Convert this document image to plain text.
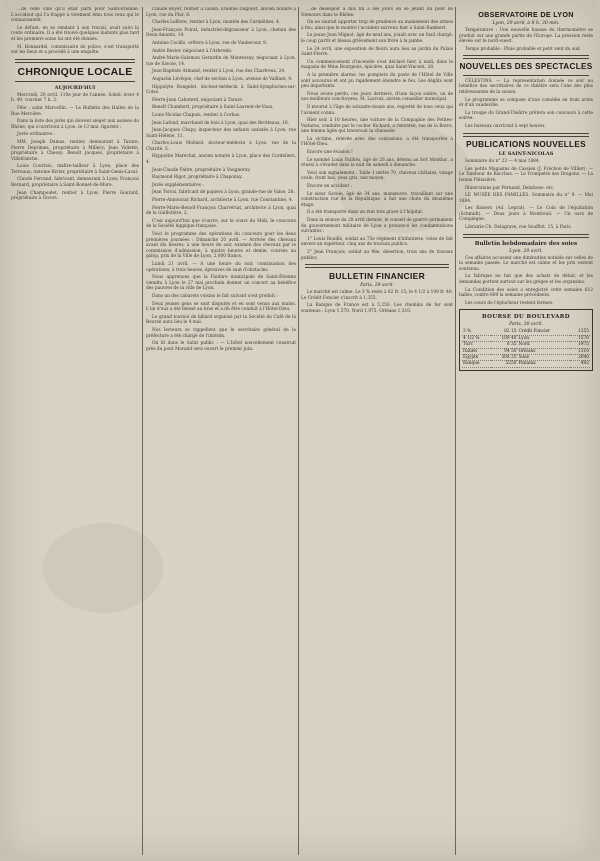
...de celle ville qu'il était parti pour Saint-Étienne. L'accident qui l'a frappé a vivement ému tous ceux qui le connaissaient.

Le défunt, en se rendant à son travail, avait suivi la route ordinaire. Il a été trouvé quelques instants plus tard et les premiers soins lui ont été donnés.

M. Bonnardel, commissaire de police, s'est transporté sur les lieux et a procédé à une enquête.

CHRONIQUE LOCALE
AUJOURD'HUI

Mercredi, 20 avril. 110e jour de l'année. Soleil: lever 4 h. 49, coucher 7 h. 2.

Fête : saint Marcellin. — Le Bulletin des Halles de la Rue Mercière.

Dans la liste des jurés qui doivent siéger aux assises du Rhône, qui s'ouvriront à Lyon, le 13 mai, figurent :

Jurés ordinaires :

MM. Joseph Dumas, rentier, demeurant à Tarare; Pierre Deprimes, propriétaire à Millery; Jean Vallette, propriétaire à Chessy; Benoît Jacques, propriétaire à Villefranche.

Louis Courtois, maître-tailleur à Lyon, place des Terreaux; Antoine Rivier, propriétaire à Saint-Genis-Laval.

Claude Ferrand, fabricant, demeurant à Lyon; François Bernard, propriétaire à Saint-Bonnet-de-Mure.

Jean Champoulet, rentier à Lyon; Pierre Goutard, propriétaire à Givors.

Claude Boyer, rentier à Tassin. Étienne Dugueyt, ancien notaire à Lyon, rue du Plat, 8.

Charles Lefèvre, rentier à Lyon, montée des Carmélites, 4.

Jean-François Poirat, industriel-dégraisseur à Lyon, chemin des Deux-Amants, 14.

Antoine Cocillo, orfèvre à Lyon, rue de Vaubecour, 9.

André Revier, négociant à l'Arbresle.

André-Marie-Salomon Gerardin de Montessuy, négociant à Lyon, rue de Savoie, 14.

Jean-Baptiste Armand, rentier à Lyon, rue des Chartreux, 24.

Augustin Lévêque, chef de section à Lyon, avenue de Vaillant, 9.

Hippolyte Rongelot, docteur-médecin à Saint-Symphorien-sur-Coise.

Pierre-Jean Cahoterd, négociant à Tarare.

Benoît Chambert, propriétaire à Saint-Laurent-de-Vaux.

Louis-Nicolas Chapuis, rentier à Corbas.

Jean Lafond, marchand de bois à Lyon, quai des Brotteaux, 16.

Jean-Jacques Chapy, inspecteur des enfants assistés à Lyon, rue Saint-Hélène, 11.

Charles-Louis Mollard, docteur-médecin à Lyon, rue de la Charité, 5.

Hyppolite Maréchal, ancien notaire à Lyon, place des Cordeliers, 4.

Jean-Claude Fabre, propriétaire à Vaugneray.

Raymond Rigot, propriétaire à Chaponay.

Jurés supplémentaires :

Jean Torrai, fabricant de papiers à Lyon, grande-rue de Vaise, 26.

Pierre-Annonciat Richard, architecte à Lyon, rue Constantine, 4.

Pierre-Marie-Benoît-François Charvériat, architecte à Lyon, quai de la Guillotière, 2.

C'est aujourd'hui que s'ouvre, sur le cours du Midi, le concours de la Société hippique française.

Voici le programme des opérations du concours pour les deux premières journées : Dimanche 20 avril. — Arrivée des chevaux avant dix heures; à une heure du soir, examen des chevaux par le commission d'admission; à quatre heures et demie, courses au galop, prix de la Ville de Lyon, 2,000 francs.

Lundi 21 avril. — A une heure du soir, continuation des opérations; à trois heures, épreuves de saut d'obstacles.

Nous apprenons que la Fanfare municipale de Saint-Étienne viendra à Lyon le 27 mai prochain donner un concert au bénéfice des pauvres de la ville de Lyon.

Dans un des cabarets voisins le fait suivant s'est produit :

Deux jeunes gens se sont disputés et en sont venus aux mains. L'un d'eux a été blessé au bras et a dû être conduit à l'Hôtel-Dieu.

Le grand tournoi de billard organisé par la Société du Café de la Bourse aura lieu le 4 mai.

Nos lecteurs se rappellent que le secrétaire général de la préfecture a été chargé de l'intérim.

On lit dans le Salut public : — L'hôtel nouvellement construit près du pont Morand sera ouvert le premier juin.

...de désespoir a mis fin à ses jours en se jetant du pont de Nemours dans le Rhône.

On ne saurait apporter trop de prudence au maniement des armes à feu; ainsi que le montre l'accident survenu hier à Saint-Rambert.

Le jeune Jean Mignot, âgé de neuf ans, jouait avec un fusil chargé; le coup partit et blessa grièvement son frère à la jambe.

Le 24 avril, une exposition de fleurs aura lieu au jardin du Palais Saint-Pierre.

Un commencement d'incendie s'est déclaré hier, à midi, dans le magasin de Mme Bourgeois, épicière, quai Saint-Vincent, 28.

A la première alarme, les pompiers du poste de l'Hôtel de Ville sont accourus et ont pu rapidement éteindre le feu. Les dégâts sont peu importants.

Nous avons perdu, ces jours derniers, d'une façon subite, un de nos meilleurs concitoyens, M. Lacroix, ancien conseiller municipal.

Il mourut à l'âge de soixante-douze ans, regretté de tous ceux qui l'avaient connu.

Hier soir, à 10 heures, une voiture de la Compagnie des Petites-Voitures, conduite par le cocher Richard, a renversé, rue de la Barre, une femme âgée qui traversait la chaussée.

La victime, relevée avec des contusions, a été transportée à l'Hôtel-Dieu.

Encore une évasion !

Le nommé Louis Pailhès, âgé de 26 ans, détenu au fort Montluc, a réussi à s'évader dans la nuit de samedi à dimanche.

Voici son signalement : Taille 1 mètre 70, cheveux châtains, visage ovale, front bas, yeux gris, nez moyen.

Encore un accident :

Le sieur Savoie, âgé de 34 ans, manœuvre, travaillant sur une construction rue de la République, a fait une chute du deuxième étage.

Il a été transporté dans un état très grave à l'hôpital.

Dans la séance du 28 avril dernier, le conseil de guerre permanent du gouvernement militaire de Lyon a prononcé les condamnations suivantes :

1° Louis Bouillé, soldat au 75e régiment d'infanterie, voies de fait envers un supérieur, cinq ans de travaux publics.

2° Jean François, soldat au 98e, désertion, trois ans de travaux publics.

BULLETIN FINANCIER
Paris, 29 avril.

Le marché est calme. Le 3 % reste à 82 fr. 15; le 4 1/2 à 109 fr. 40. Le Crédit Foncier s'inscrit à 1,355.

La Banque de France est à 5,250. Les chemins de fer sont soutenus : Lyon 1,570, Nord 1,975, Orléans 1,310.

OBSERVATOIRE DE LYON
Lyon, 29 avril, à 8 h. 30 min.

Température : Une nouvelle hausse du thermomètre se produit sur une grande partie de l'Europe. La pression reste élevée sur le nord-ouest.

Temps probable : Pluie probable et petit vent du sud.

NOUVELLES DES SPECTACLES

CÉLESTINS. — La représentation donnée ce soir au bénéfice des secrétaires de ce théâtre sera l'une des plus intéressantes de la saison.

Le programme se compose d'une comédie en trois actes et d'un vaudeville.

La troupe du Grand-Théâtre prêtera son concours à cette soirée.

Les bureaux ouvriront à sept heures.

PUBLICATIONS NOUVELLES
LE SAINT-NICOLAS

Sommaire du n° 22 — 4 mai 1884.

Les petits Magasins de Cassien (J. Fréchon de Villier). — Le Tambour de Bacchus. — Le Trompette des Dragons. — La bonne Pâtissière.

Illustrations par Fernand, Delafosse, etc.

LE MUSÉE DES FAMILLES. Sommaire du n° 9. — Mai 1884.

Les Baisers (Ad. Leprat). — Le Coin de l'équitation (Schmidt). — Deux jours à Montreuil. — Un ours de Compiègne.

Librairie Ch. Delagrave, rue Soufflot, 15, à Paris.

Bulletin hebdomadaire des soies
Lyon, 29 avril.

Ces affaires accusent une diminution notable sur celles de la semaine passée. Le marché est calme et les prix restent soutenus.

La fabrique ne fait que des achats de détail, et les demandes portent surtout sur les grèges et les organsins.

La Condition des soies a enregistré cette semaine 612 balles, contre 689 la semaine précédente.

Les cours de l'éplucheur restent fermes.

BOURSE DU BOULEVARD
Paris, 30 avril.
3 %	82 15	Crédit Foncier	1355
4 1/2 %	109 40	Lyon	1570
Turc	8 35	Nord	1975
Italien	94 50	Orléans	1310
Egypte	308 25	Suez	2040
Banque	5250	Panama	492
